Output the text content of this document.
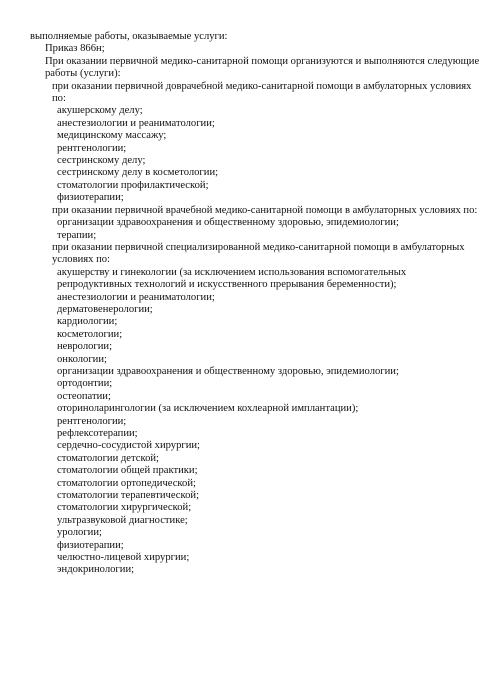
выполняемые работы, оказываемые услуги:
Приказ 866н;
При оказании первичной медико-санитарной помощи организуются и выполняются следующие работы (услуги):
при оказании первичной доврачебной медико-санитарной помощи в амбулаторных условиях по:
акушерскому делу;
анестезиологии и реаниматологии;
медицинскому массажу;
рентгенологии;
сестринскому делу;
сестринскому делу в косметологии;
стоматологии профилактической;
физиотерапии;
при оказании первичной врачебной медико-санитарной помощи в амбулаторных условиях по:
организации здравоохранения и общественному здоровью, эпидемиологии;
терапии;
при оказании первичной специализированной медико-санитарной помощи в амбулаторных условиях по:
акушерству и гинекологии (за исключением использования вспомогательных репродуктивных технологий и искусственного прерывания беременности);
анестезиологии и реаниматологии;
дерматовенерологии;
кардиологии;
косметологии;
неврологии;
онкологии;
организации здравоохранения и общественному здоровью, эпидемиологии;
ортодонтии;
остеопатии;
оториноларингологии (за исключением кохлеарной имплантации);
рентгенологии;
рефлексотерапии;
сердечно-сосудистой хирургии;
стоматологии детской;
стоматологии общей практики;
стоматологии ортопедической;
стоматологии терапевтической;
стоматологии хирургической;
ультразвуковой диагностике;
урологии;
физиотерапии;
челюстно-лицевой хирургии;
эндокринологии;
